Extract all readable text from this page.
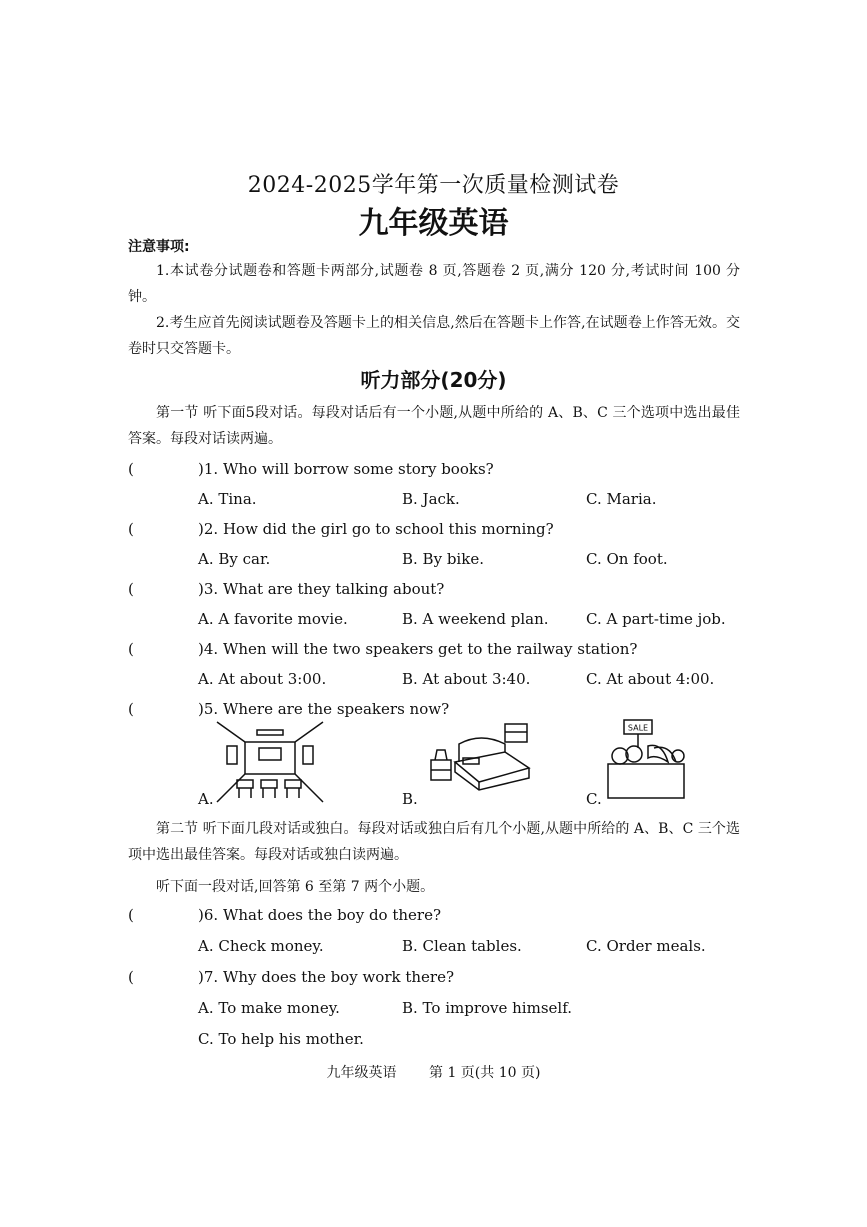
2024-2025学年第一次质量检测试卷
九年级英语
注意事项:
1.本试卷分试题卷和答题卡两部分,试题卷 8 页,答题卷 2 页,满分 120 分,考试时间 100 分钟。
2.考生应首先阅读试题卷及答题卡上的相关信息,然后在答题卡上作答,在试题卷上作答无效。交卷时只交答题卡。
听力部分(20分)
第一节 听下面5段对话。每段对话后有一个小题,从题中所给的 A、B、C 三个选项中选出最佳答案。每段对话读两遍。
(	)1. Who will borrow some story books?
A. Tina.	B. Jack.	C. Maria.
(	)2. How did the girl go to school this morning?
A. By car.	B. By bike.	C. On foot.
(	)3. What are they talking about?
A. A favorite movie.	B. A weekend plan. C. A part-time job.
(	)4. When will the two speakers get to the railway station?
A. At about 3:00.	B. At about 3:40.	C. At about 4:00.
(	)5. Where are the speakers now?
A.	B.	C.
SALE
第二节 听下面几段对话或独白。每段对话或独白后有几个小题,从题中所给的 A、B、C 三个选项中选出最佳答案。每段对话或独白读两遍。
听下面一段对话,回答第 6 至第 7 两个小题。
(	)6. What does the boy do there?
A. Check money.	B. Clean tables.	C. Order meals.
(	)7. Why does the boy work there?
A. To make money.	B. To improve himself.
C. To help his mother.
九年级英语 第 1 页(共 10 页)
